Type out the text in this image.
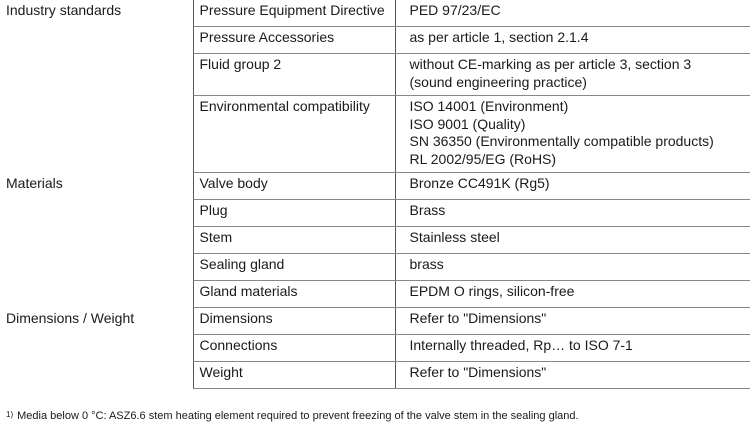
Industry standards	Pressure Equipment Directive	PED 97/23/EC

	Pressure Accessories	as per article 1, section 2.1.4

	Fluid group 2	without CE-marking as per article 3, section 3
(sound engineering practice)

	Environmental compatibility	ISO 14001 (Environment)
ISO 9001 (Quality)
SN 36350 (Environmentally compatible products)
RL 2002/95/EG (RoHS)

Materials	Valve body	Bronze CC491K (Rg5)

	Plug	Brass

	Stem	Stainless steel

	Sealing gland	brass

	Gland materials	EPDM O rings, silicon-free

Dimensions / Weight	Dimensions	Refer to "Dimensions"

	Connections	Internally threaded, Rp… to ISO 7-1

	Weight	Refer to "Dimensions"
$^{1)}$ Media below 0 °C: ASZ6.6 stem heating element required to prevent freezing of the valve stem in the sealing gland.
